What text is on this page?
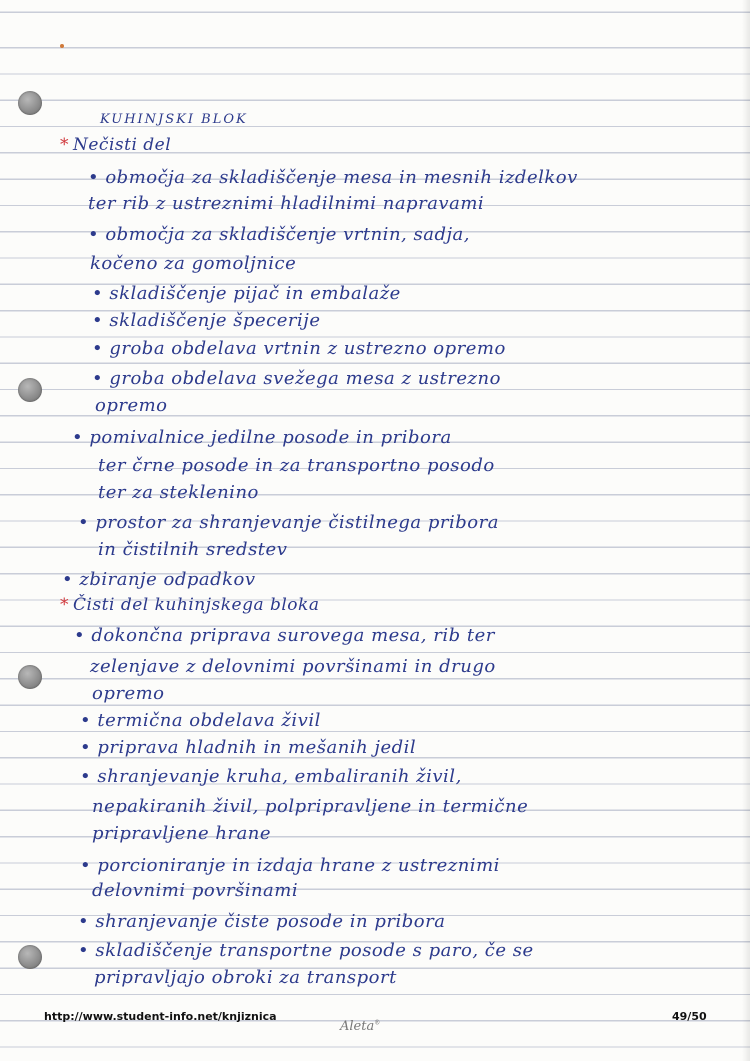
KUHINJSKI BLOK

* Nečisti del

• območja za skladiščenje mesa in mesnih izdelkov

ter rib z ustreznimi hladilnimi napravami

• območja za skladiščenje vrtnin, sadja,

kočeno za gomoljnice

• skladiščenje pijač in embalaže

• skladiščenje špecerije

• groba obdelava vrtnin z ustrezno opremo

• groba obdelava svežega mesa z ustrezno

opremo

• pomivalnice jedilne posode in pribora

ter črne posode in za transportno posodo

ter za steklenino

• prostor za shranjevanje čistilnega pribora

in čistilnih sredstev

• zbiranje odpadkov

* Čisti del kuhinjskega bloka

• dokončna priprava surovega mesa, rib ter

zelenjave z delovnimi površinami in drugo

opremo

• termična obdelava živil

• priprava hladnih in mešanih jedil

• shranjevanje kruha, embaliranih živil,

nepakiranih živil, polpripravljene in termične

pripravljene hrane

• porcioniranje in izdaja hrane z ustreznimi

delovnimi površinami

• shranjevanje čiste posode in pribora

• skladiščenje transportne posode s paro, če se

pripravljajo obroki za transport

http://www.student-info.net/knjiznica
Aleta®
49/50
